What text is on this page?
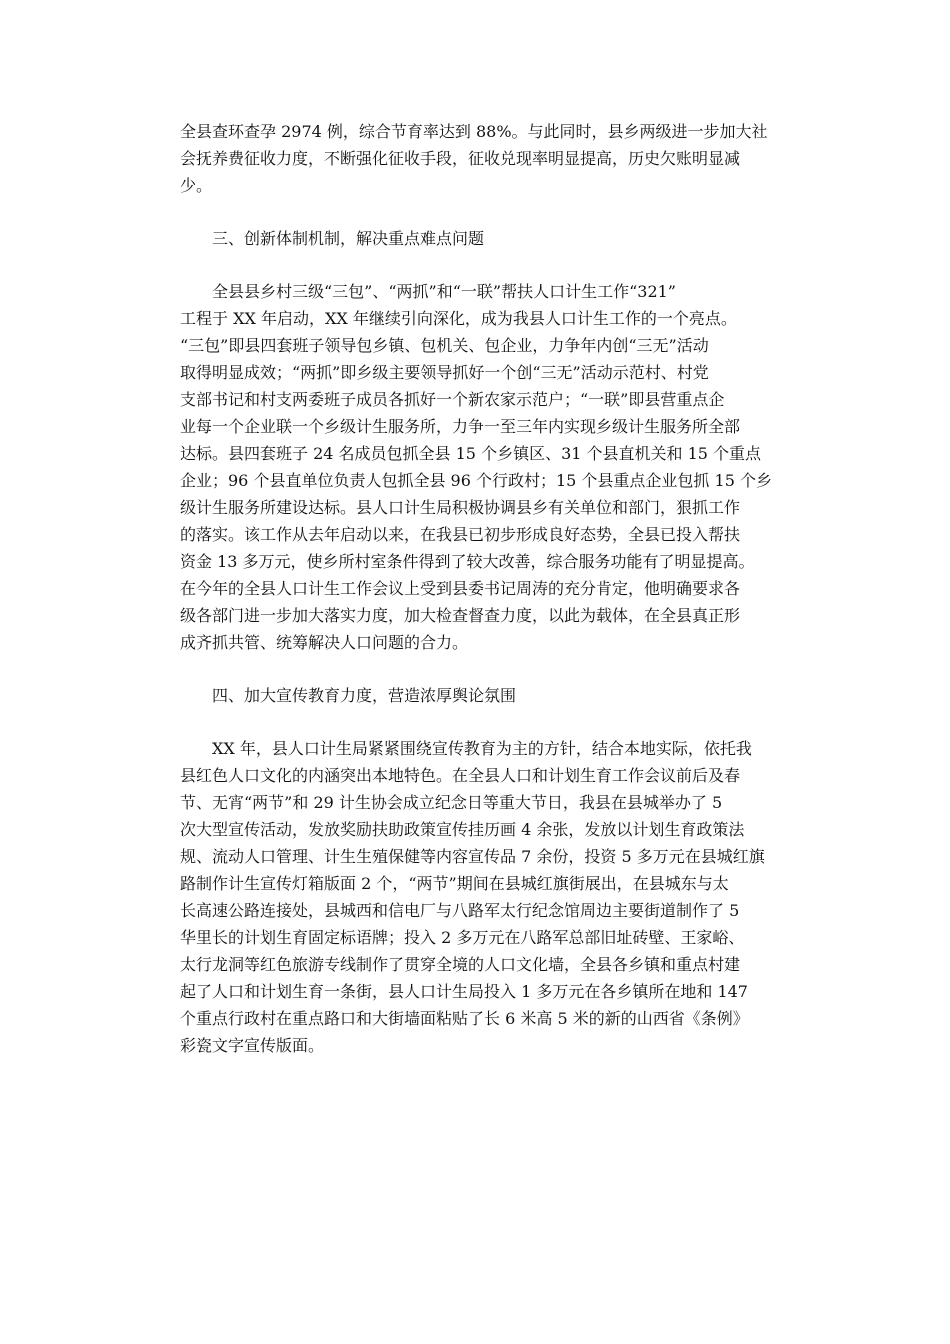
全县查环查孕 2974 例，综合节育率达到 88%。与此同时，县乡两级进一步加大社
会抚养费征收力度，不断强化征收手段，征收兑现率明显提高，历史欠账明显减
少。
三、创新体制机制，解决重点难点问题
全县县乡村三级“三包”、“两抓”和“一联”帮扶人口计生工作“321”
工程于 XX 年启动，XX 年继续引向深化，成为我县人口计生工作的一个亮点。
“三包”即县四套班子领导包乡镇、包机关、包企业，力争年内创“三无”活动
取得明显成效；“两抓”即乡级主要领导抓好一个创“三无”活动示范村、村党
支部书记和村支两委班子成员各抓好一个新农家示范户；“一联”即县营重点企
业每一个企业联一个乡级计生服务所，力争一至三年内实现乡级计生服务所全部
达标。县四套班子 24 名成员包抓全县 15 个乡镇区、31 个县直机关和 15 个重点
企业；96 个县直单位负责人包抓全县 96 个行政村；15 个县重点企业包抓 15 个乡
级计生服务所建设达标。县人口计生局积极协调县乡有关单位和部门，狠抓工作
的落实。该工作从去年启动以来，在我县已初步形成良好态势，全县已投入帮扶
资金 13 多万元，使乡所村室条件得到了较大改善，综合服务功能有了明显提高。
在今年的全县人口计生工作会议上受到县委书记周涛的充分肯定，他明确要求各
级各部门进一步加大落实力度，加大检查督查力度，以此为载体，在全县真正形
成齐抓共管、统筹解决人口问题的合力。
四、加大宣传教育力度，营造浓厚舆论氛围
XX 年，县人口计生局紧紧围绕宣传教育为主的方针，结合本地实际，依托我
县红色人口文化的内涵突出本地特色。在全县人口和计划生育工作会议前后及春
节、无宵“两节”和 29 计生协会成立纪念日等重大节日，我县在县城举办了 5
次大型宣传活动，发放奖励扶助政策宣传挂历画 4 余张，发放以计划生育政策法
规、流动人口管理、计生生殖保健等内容宣传品 7 余份，投资 5 多万元在县城红旗
路制作计生宣传灯箱版面 2 个，“两节”期间在县城红旗街展出，在县城东与太
长高速公路连接处，县城西和信电厂与八路军太行纪念馆周边主要街道制作了 5
华里长的计划生育固定标语牌；投入 2 多万元在八路军总部旧址砖壁、王家峪、
太行龙洞等红色旅游专线制作了贯穿全境的人口文化墙，全县各乡镇和重点村建
起了人口和计划生育一条街，县人口计生局投入 1 多万元在各乡镇所在地和 147
个重点行政村在重点路口和大街墙面粘贴了长 6 米高 5 米的新的山西省《条例》
彩瓷文字宣传版面。
